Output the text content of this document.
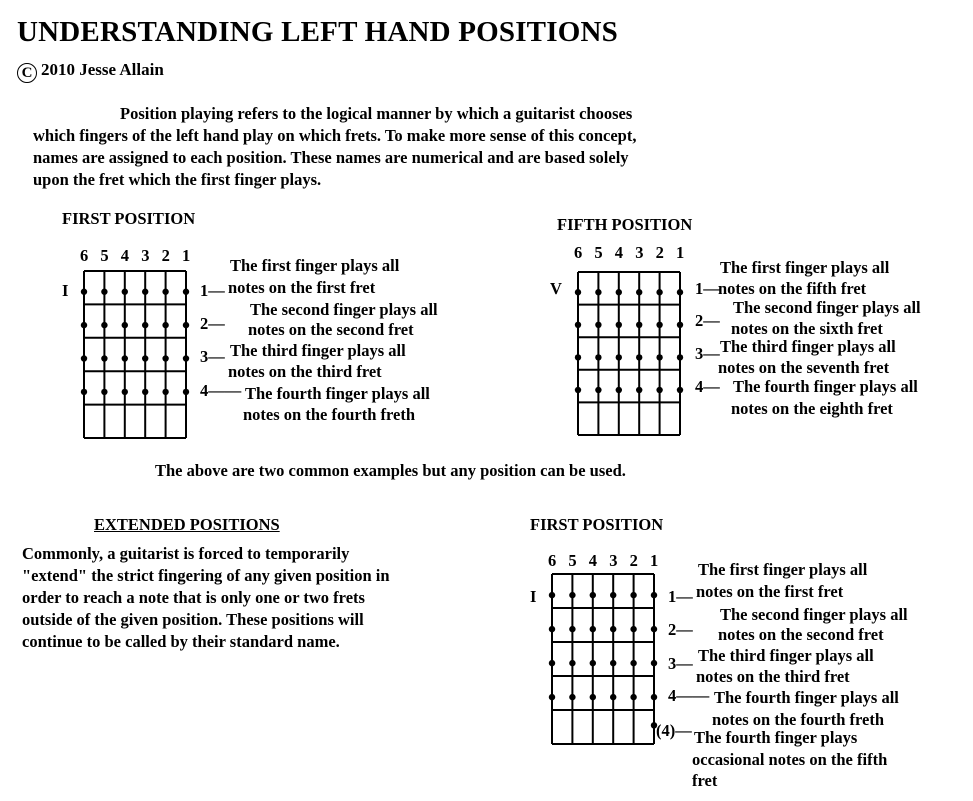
UNDERSTANDING LEFT HAND POSITIONS
C 2010 Jesse Allain
Position playing refers to the logical manner by which a guitarist chooses
which fingers of the left hand play on which frets. To make more sense of this concept,
names are assigned to each position. These names are numerical and are based solely
upon the fret which the first finger plays.
FIRST POSITION	FIFTH POSITION
FIRST POSITION
The above are two common examples but any position can be used.
EXTENDED POSITIONS
Commonly, a guitarist is forced to temporarily
"extend" the strict fingering of any given position in
order to reach a note that is only one or two frets
outside of the given position. These positions will
continue to be called by their standard name.
6 5 4 3 2 1
I	1—
The first finger plays all
notes on the first fret
2—
The second finger plays all
notes on the second fret
3— The third finger plays all
notes on the third fret
4—— The fourth finger plays all
notes on the fourth freth
6 5 4 3 2 1
V	1—
The first finger plays all
notes on the fifth fret
2—
The second finger plays all
notes on the sixth fret
3— The third finger plays all
notes on the seventh fret
4— The fourth finger plays all
notes on the eighth fret
6 5 4 3 2 1
I	1—
The first finger plays all
notes on the first fret
2—
The second finger plays all
notes on the second fret
3— The third finger plays all
notes on the third fret
4—— The fourth finger plays all
notes on the fourth freth
(4)— The fourth finger plays
occasional notes on the fifth
fret
